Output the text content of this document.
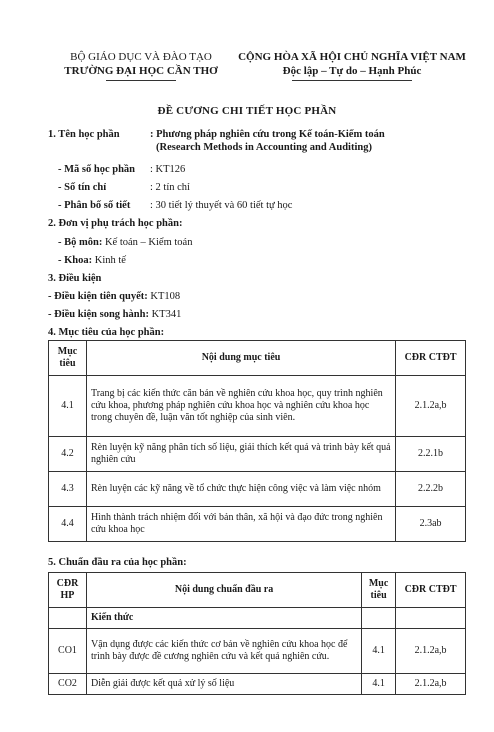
BỘ GIÁO DỤC VÀ ĐÀO TẠO
TRƯỜNG ĐẠI HỌC CẦN THƠ
CỘNG HÒA XÃ HỘI CHỦ NGHĨA VIỆT NAM
Độc lập – Tự do – Hạnh Phúc
ĐỀ CƯƠNG CHI TIẾT HỌC PHẦN
1. Tên học phần	: Phương pháp nghiên cứu trong Kế toán-Kiểm toán
(Research Methods in Accounting and Auditing)
- Mã số học phần : KT126
- Số tín chỉ	: 2 tín chỉ
- Phân bố số tiết : 30 tiết lý thuyết và 60 tiết tự học
2. Đơn vị phụ trách học phần:
- Bộ môn: Kế toán – Kiểm toán
- Khoa: Kinh tế
3. Điều kiện
- Điều kiện tiên quyết: KT108
- Điều kiện song hành: KT341
4. Mục tiêu của học phần:
Mục tiêu	Nội dung mục tiêu	CĐR CTĐT
4.1	Trang bị các kiến thức căn bản về nghiên cứu khoa học, quy trình nghiên cứu khoa, phương pháp nghiên cứu khoa học và nghiên cứu khoa học trong chuyên đề, luận văn tốt nghiệp của sinh viên.	2.1.2a,b
4.2	Rèn luyện kỹ năng phân tích số liệu, giải thích kết quả và trình bày kết quả nghiên cứu	2.2.1b
4.3	Rèn luyện các kỹ năng về tổ chức thực hiện công việc và làm việc nhóm	2.2.2b
4.4	Hình thành trách nhiệm đối với bản thân, xã hội và đạo đức trong nghiên cứu khoa học	2.3ab
5. Chuẩn đầu ra của học phần:
CĐR HP	Nội dung chuẩn đầu ra	Mục tiêu	CĐR CTĐT
	Kiến thức		
CO1	Vận dụng được các kiến thức cơ bản về nghiên cứu khoa học để trình bày được đề cương nghiên cứu và kết quả nghiên cứu.	4.1	2.1.2a,b
CO2	Diễn giải được kết quả xử lý số liệu	4.1	2.1.2a,b
